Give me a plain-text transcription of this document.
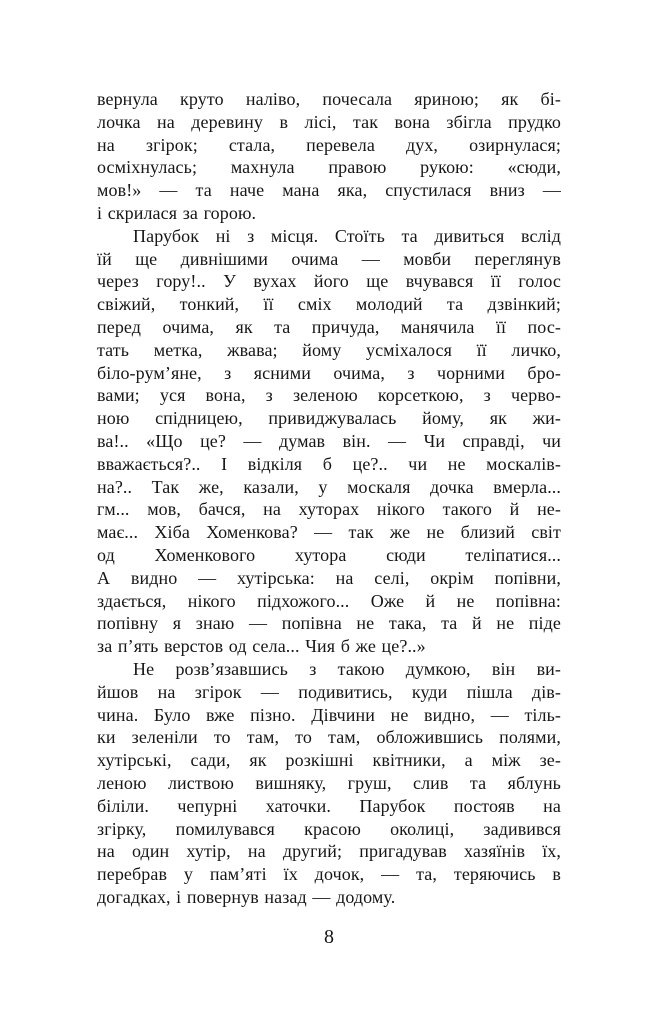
вернула круто наліво, почесала яриною; як бі-
лочка на деревину в лісі, так вона збігла прудко
на згірок; стала, перевела дух, озирнулася;
осміхнулась; махнула правою рукою: «сюди,
мов!» — та наче мана яка, спустилася вниз —
і скрилася за горою.
Парубок ні з місця. Стоїть та дивиться вслід
їй ще дивнішими очима — мовби переглянув
через гору!.. У вухах його ще вчувався її голос
свіжий, тонкий, її сміх молодий та дзвінкий;
перед очима, як та причуда, манячила її пос-
тать метка, жвава; йому усміхалося її личко,
біло-рум’яне, з ясними очима, з чорними бро-
вами; уся вона, з зеленою корсеткою, з черво-
ною спідницею, привиджувалась йому, як жи-
ва!.. «Що це? — думав він. — Чи справді, чи
вважається?.. І відкіля б це?.. чи не москалів-
на?.. Так же, казали, у москаля дочка вмерла...
гм... мов, бачся, на хуторах нікого такого й не-
має... Хіба Хоменкова? — так же не близий світ
од Хоменкового хутора сюди теліпатися...
А видно — хутірська: на селі, окрім попівни,
здається, нікого підхожого... Оже й не попівна:
попівну я знаю — попівна не така, та й не піде
за п’ять верстов од села... Чия б же це?..»
Не розв’язавшись з такою думкою, він ви-
йшов на згірок — подивитись, куди пішла дів-
чина. Було вже пізно. Дівчини не видно, — тіль-
ки зеленіли то там, то там, обложившись полями,
хутірські, сади, як розкішні квітники, а між зе-
леною листвою вишняку, груш, слив та яблунь
біліли. чепурні хаточки. Парубок постояв на
згірку, помилувався красою околиці, задивився
на один хутір, на другий; пригадував хазяїнів їх,
перебрав у пам’яті їх дочок, — та, теряючись в
догадках, і повернув назад — додому.
8
